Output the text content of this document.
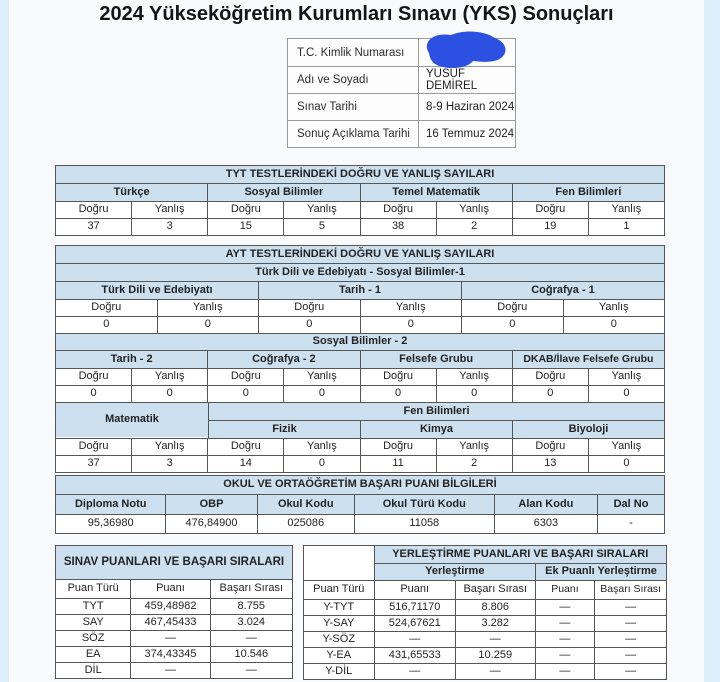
2024 Yükseköğretim Kurumları Sınavı (YKS) Sonuçları
T.C. Kimlik Numarası
Adı ve Soyadı	YUSUF DEMİREL
Sınav Tarihi	8-9 Haziran 2024
Sonuç Açıklama Tarihi	16 Temmuz 2024
TYT TESTLERİNDEKİ DOĞRU VE YANLIŞ SAYILARI
Türkçe	Sosyal Bilimler	Temel Matematik	Fen Bilimleri
Doğru	Yanlış	Doğru	Yanlış	Doğru	Yanlış	Doğru	Yanlış
37	3	15	5	38	2	19	1
AYT TESTLERİNDEKİ DOĞRU VE YANLIŞ SAYILARI
Türk Dili ve Edebiyatı - Sosyal Bilimler-1
Türk Dili ve Edebiyatı	Tarih - 1	Coğrafya - 1
Doğru	Yanlış	Doğru	Yanlış	Doğru	Yanlış
0	0	0	0	0	0
Sosyal Bilimler - 2
Tarih - 2	Coğrafya - 2	Felsefe Grubu	DKAB/İlave Felsefe Grubu
Doğru	Yanlış	Doğru	Yanlış	Doğru	Yanlış	Doğru	Yanlış
0	0	0	0	0	0	0	0
Matematik
Fen Bilimleri
Fizik	Kimya	Biyoloji
Doğru	Yanlış	Doğru	Yanlış	Doğru	Yanlış	Doğru	Yanlış
37	3	14	0	11	2	13	0
OKUL VE ORTAÖĞRETİM BAŞARI PUANI BİLGİLERİ
Diploma Notu	OBP	Okul Kodu	Okul Türü Kodu	Alan Kodu	Dal No
95,36980	476,84900	025086	11058	6303	-
SINAV PUANLARI VE BAŞARI SIRALARI
Puan Türü	Puanı	Başarı Sırası
TYT	459,48982	8.755
SAY	467,45433	3.024
SÖZ	—	—
EA	374,43345	10.546
DİL	—	—
YERLEŞTİRME PUANLARI VE BAŞARI SIRALARI
Yerleştirme	Ek Puanlı Yerleştirme
Puan Türü	Puanı	Başarı Sırası	Puanı	Başarı Sırası
Y-TYT	516,71170	8.806	—	—
Y-SAY	524,67621	3.282	—	—
Y-SÖZ	—	—	—	—
Y-EA	431,65533	10.259	—	—
Y-DİL	—	—	—	—
